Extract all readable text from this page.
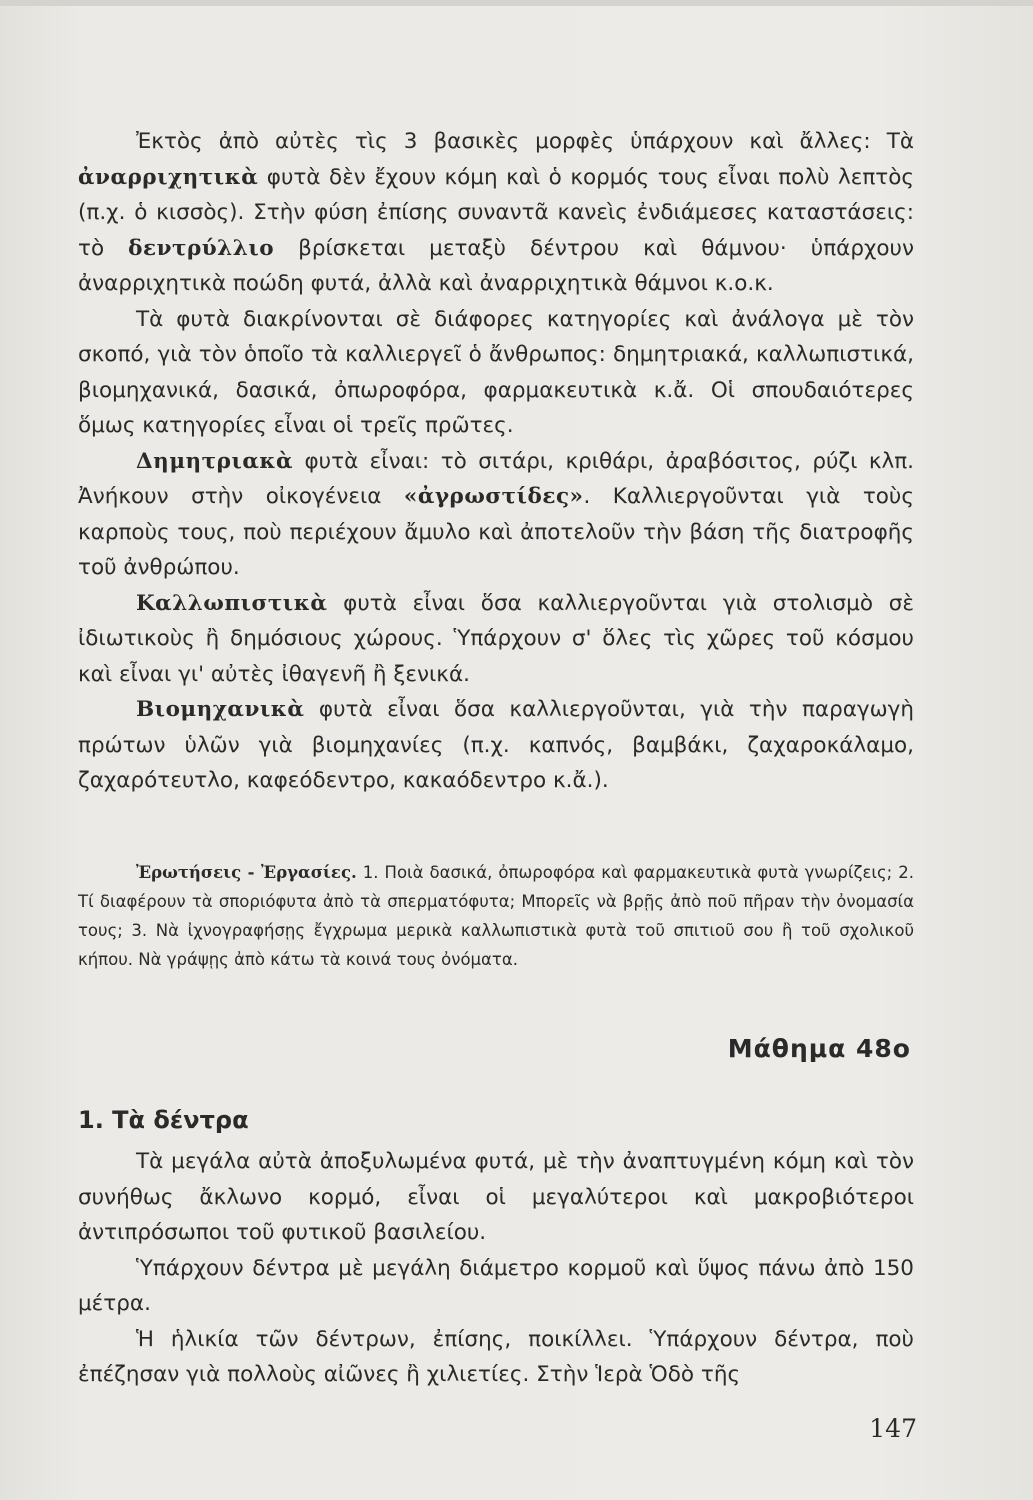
Ἐκτὸς ἀπὸ αὐτὲς τὶς 3 βασικὲς μορφὲς ὑπάρχουν καὶ ἄλλες: Τὰ ἀναρριχητικὰ φυτὰ δὲν ἔχουν κόμη καὶ ὁ κορμός τους εἶναι πολὺ λεπτὸς (π.χ. ὁ κισσὸς). Στὴν φύση ἐπίσης συναντᾶ κανεὶς ἐνδιάμεσες καταστάσεις: τὸ δεντρύλλιο βρίσκεται μεταξὺ δέντρου καὶ θάμνου· ὑπάρχουν ἀναρριχητικὰ ποώδη φυτά, ἀλλὰ καὶ ἀναρριχητικὰ θάμνοι κ.ο.κ.

Τὰ φυτὰ διακρίνονται σὲ διάφορες κατηγορίες καὶ ἀνάλογα μὲ τὸν σκοπό, γιὰ τὸν ὁποῖο τὰ καλλιεργεῖ ὁ ἄνθρωπος: δημητριακά, καλλωπιστικά, βιομηχανικά, δασικά, ὀπωροφόρα, φαρμακευτικὰ κ.ἄ. Οἱ σπουδαιότερες ὅμως κατηγορίες εἶναι οἱ τρεῖς πρῶτες.

Δημητριακὰ φυτὰ εἶναι: τὸ σιτάρι, κριθάρι, ἀραβόσιτος, ρύζι κλπ. Ἀνήκουν στὴν οἰκογένεια «ἀγρωστίδες». Καλλιεργοῦνται γιὰ τοὺς καρποὺς τους, ποὺ περιέχουν ἄμυλο καὶ ἀποτελοῦν τὴν βάση τῆς διατροφῆς τοῦ ἀνθρώπου.

Καλλωπιστικὰ φυτὰ εἶναι ὅσα καλλιεργοῦνται γιὰ στολισμὸ σὲ ἰδιωτικοὺς ἢ δημόσιους χώρους. Ὑπάρχουν σ' ὅλες τὶς χῶρες τοῦ κόσμου καὶ εἶναι γι' αὐτὲς ἰθαγενῆ ἢ ξενικά.

Βιομηχανικὰ φυτὰ εἶναι ὅσα καλλιεργοῦνται, γιὰ τὴν παραγωγὴ πρώτων ὑλῶν γιὰ βιομηχανίες (π.χ. καπνός, βαμβάκι, ζαχαροκάλαμο, ζαχαρότευτλο, καφεόδεντρο, κακαόδεντρο κ.ἄ.).

Ἐρωτήσεις - Ἐργασίες. 1. Ποιὰ δασικά, ὀπωροφόρα καὶ φαρμακευτικὰ φυτὰ γνωρίζεις; 2. Τί διαφέρουν τὰ σποριόφυτα ἀπὸ τὰ σπερματόφυτα; Μπορεῖς νὰ βρῇς ἀπὸ ποῦ πῆραν τὴν ὀνομασία τους; 3. Νὰ ἰχνογραφήσῃς ἔγχρωμα μερικὰ καλλωπιστικὰ φυτὰ τοῦ σπιτιοῦ σου ἢ τοῦ σχολικοῦ κήπου. Νὰ γράψῃς ἀπὸ κάτω τὰ κοινά τους ὀνόματα.

Μάθημα 48ο

1. Τὰ δέντρα

Τὰ μεγάλα αὐτὰ ἀποξυλωμένα φυτά, μὲ τὴν ἀναπτυγμένη κόμη καὶ τὸν συνήθως ἄκλωνο κορμό, εἶναι οἱ μεγαλύτεροι καὶ μακροβιότεροι ἀντιπρόσωποι τοῦ φυτικοῦ βασιλείου.

Ὑπάρχουν δέντρα μὲ μεγάλη διάμετρο κορμοῦ καὶ ὕψος πάνω ἀπὸ 150 μέτρα.

Ἡ ἡλικία τῶν δέντρων, ἐπίσης, ποικίλλει. Ὑπάρχουν δέντρα, ποὺ ἐπέζησαν γιὰ πολλοὺς αἰῶνες ἢ χιλιετίες. Στὴν Ἱερὰ Ὁδὸ τῆς

147
